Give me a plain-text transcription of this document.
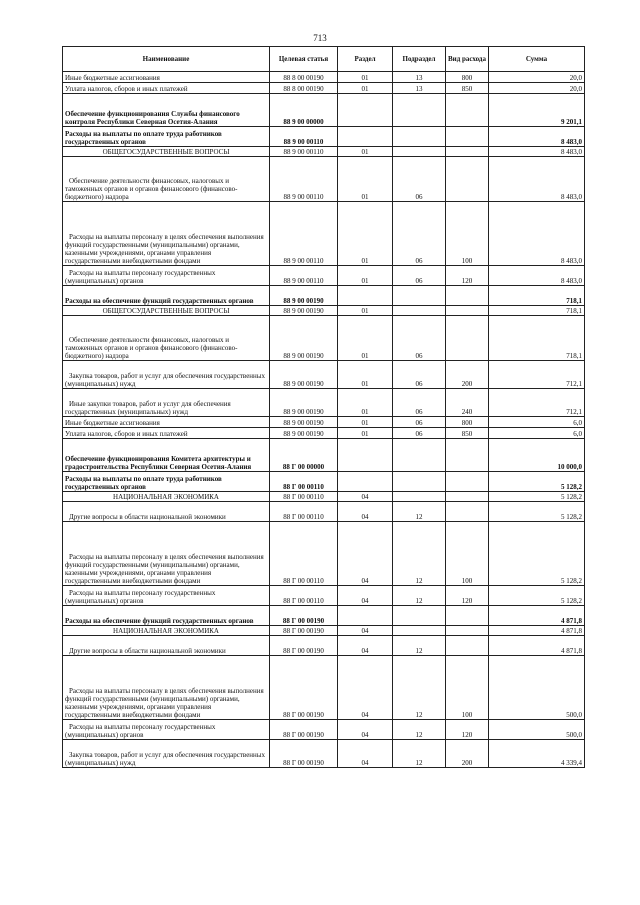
713
Наименование	Целевая статья	Раздел	Подраздел	Вид расхода	Сумма

Иные бюджетные ассигнования	88 8 00 00190	01	13	800	20,0

Уплата налогов, сборов и иных платежей	88 8 00 00190	01	13	850	20,0

Обеспечение функционирования Службы финансового контроля Республики Северная Осетия-Алания	88 9 00 00000				9 201,1

Расходы на выплаты по оплате труда работников государственных органов	88 9 00 00110				8 483,0

ОБЩЕГОСУДАРСТВЕННЫЕ ВОПРОСЫ	88 9 00 00110	01			8 483,0

Обеспечение деятельности финансовых, налоговых и таможенных органов и органов финансового (финансово-бюджетного) надзора	88 9 00 00110	01	06		8 483,0

Расходы на выплаты персоналу в целях обеспечения выполнения функций государственными (муниципальными) органами, казенными учреждениями, органами управления государственными внебюджетными фондами	88 9 00 00110	01	06	100	8 483,0

Расходы на выплаты персоналу государственных (муниципальных) органов	88 9 00 00110	01	06	120	8 483,0

Расходы на обеспечение функций государственных органов	88 9 00 00190				718,1

ОБЩЕГОСУДАРСТВЕННЫЕ ВОПРОСЫ	88 9 00 00190	01			718,1

Обеспечение деятельности финансовых, налоговых и таможенных органов и органов финансового (финансово-бюджетного) надзора	88 9 00 00190	01	06		718,1

Закупка товаров, работ и услуг для обеспечения государственных (муниципальных) нужд	88 9 00 00190	01	06	200	712,1

Иные закупки товаров, работ и услуг для обеспечения государственных (муниципальных) нужд	88 9 00 00190	01	06	240	712,1

Иные бюджетные ассигнования	88 9 00 00190	01	06	800	6,0

Уплата налогов, сборов и иных платежей	88 9 00 00190	01	06	850	6,0

Обеспечение функционирования Комитета архитектуры и градостроительства Республики Северная Осетия-Алания	88 Г 00 00000				10 000,0

Расходы на выплаты по оплате труда работников государственных органов	88 Г 00 00110				5 128,2

НАЦИОНАЛЬНАЯ ЭКОНОМИКА	88 Г 00 00110	04			5 128,2

Другие вопросы в области национальной экономики	88 Г 00 00110	04	12		5 128,2

Расходы на выплаты персоналу в целях обеспечения выполнения функций государственными (муниципальными) органами, казенными учреждениями, органами управления государственными внебюджетными фондами	88 Г 00 00110	04	12	100	5 128,2

Расходы на выплаты персоналу государственных (муниципальных) органов	88 Г 00 00110	04	12	120	5 128,2

Расходы на обеспечение функций государственных органов	88 Г 00 00190				4 871,8

НАЦИОНАЛЬНАЯ ЭКОНОМИКА	88 Г 00 00190	04			4 871,8

Другие вопросы в области национальной экономики	88 Г 00 00190	04	12		4 871,8

Расходы на выплаты персоналу в целях обеспечения выполнения функций государственными (муниципальными) органами, казенными учреждениями, органами управления государственными внебюджетными фондами	88 Г 00 00190	04	12	100	500,0

Расходы на выплаты персоналу государственных (муниципальных) органов	88 Г 00 00190	04	12	120	500,0

Закупка товаров, работ и услуг для обеспечения государственных (муниципальных) нужд	88 Г 00 00190	04	12	200	4 339,4
